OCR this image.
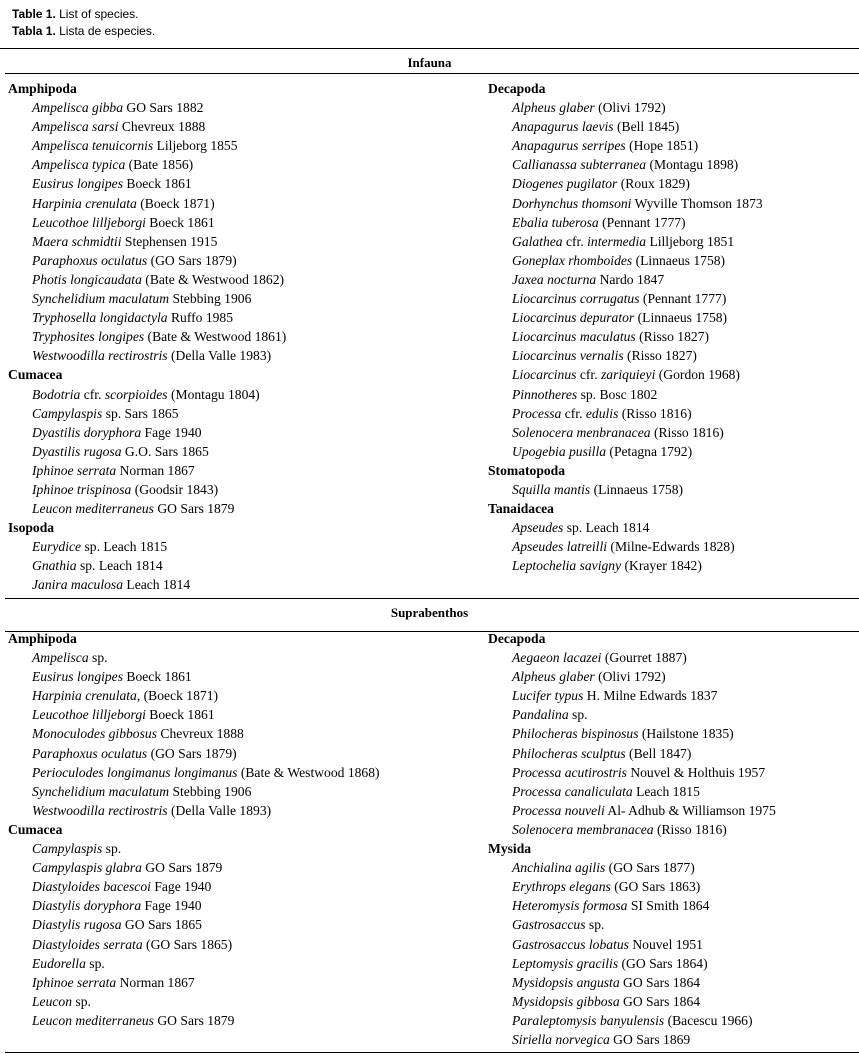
Table 1. List of species.
Tabla 1. Lista de especies.
Infauna
Amphipoda
Ampelisca gibba GO Sars 1882
Ampelisca sarsi Chevreux 1888
Ampelisca tenuicornis Liljeborg 1855
Ampelisca typica (Bate 1856)
Eusirus longipes Boeck 1861
Harpinia crenulata (Boeck 1871)
Leucothoe lilljeborgi Boeck 1861
Maera schmidtii Stephensen 1915
Paraphoxus oculatus (GO Sars 1879)
Photis longicaudata (Bate & Westwood 1862)
Synchelidium maculatum Stebbing 1906
Tryphosella longidactyla Ruffo 1985
Tryphosites longipes (Bate & Westwood 1861)
Westwoodilla rectirostris (Della Valle 1983)
Cumacea
Bodotria cfr. scorpioides (Montagu 1804)
Campylaspis sp. Sars 1865
Dyastilis doryphora Fage 1940
Dyastilis rugosa G.O. Sars 1865
Iphinoe serrata Norman 1867
Iphinoe trispinosa (Goodsir 1843)
Leucon mediterraneus GO Sars 1879
Isopoda
Eurydice sp. Leach 1815
Gnathia sp. Leach 1814
Janira maculosa Leach 1814
Decapoda
Alpheus glaber (Olivi 1792)
Anapagurus laevis (Bell 1845)
Anapagurus serripes (Hope 1851)
Callianassa subterranea (Montagu 1898)
Diogenes pugilator (Roux 1829)
Dorhynchus thomsoni Wyville Thomson 1873
Ebalia tuberosa (Pennant 1777)
Galathea cfr. intermedia Lilljeborg 1851
Goneplax rhomboides (Linnaeus 1758)
Jaxea nocturna Nardo 1847
Liocarcinus corrugatus (Pennant 1777)
Liocarcinus depurator (Linnaeus 1758)
Liocarcinus maculatus (Risso 1827)
Liocarcinus vernalis (Risso 1827)
Liocarcinus cfr. zariquieyi (Gordon 1968)
Pinnotheres sp. Bosc 1802
Processa cfr. edulis (Risso 1816)
Solenocera menbranacea (Risso 1816)
Upogebia pusilla (Petagna 1792)
Stomatopoda
Squilla mantis (Linnaeus 1758)
Tanaidacea
Apseudes sp. Leach 1814
Apseudes latreilli (Milne-Edwards 1828)
Leptochelia savigny (Krayer 1842)
Suprabenthos
Amphipoda
Ampelisca sp.
Eusirus longipes Boeck 1861
Harpinia crenulata, (Boeck 1871)
Leucothoe lilljeborgi Boeck 1861
Monoculodes gibbosus Chevreux 1888
Paraphoxus oculatus (GO Sars 1879)
Perioculodes longimanus longimanus (Bate & Westwood 1868)
Synchelidium maculatum Stebbing 1906
Westwoodilla rectirostris (Della Valle 1893)
Cumacea
Campylaspis sp.
Campylaspis glabra GO Sars 1879
Diastyloides bacescoi Fage 1940
Diastylis doryphora Fage 1940
Diastylis rugosa GO Sars 1865
Diastyloides serrata (GO Sars 1865)
Eudorella sp.
Iphinoe serrata Norman 1867
Leucon sp.
Leucon mediterraneus GO Sars 1879
Decapoda
Aegaeon lacazei (Gourret 1887)
Alpheus glaber (Olivi 1792)
Lucifer typus H. Milne Edwards 1837
Pandalina sp.
Philocheras bispinosus (Hailstone 1835)
Philocheras sculptus (Bell 1847)
Processa acutirostris Nouvel & Holthuis 1957
Processa canaliculata Leach 1815
Processa nouveli Al- Adhub & Williamson 1975
Solenocera membranacea (Risso 1816)
Mysida
Anchialina agilis (GO Sars 1877)
Erythrops elegans (GO Sars 1863)
Heteromysis formosa SI Smith 1864
Gastrosaccus sp.
Gastrosaccus lobatus Nouvel 1951
Leptomysis gracilis (GO Sars 1864)
Mysidopsis angusta GO Sars 1864
Mysidopsis gibbosa GO Sars 1864
Paraleptomysis banyulensis (Bacescu 1966)
Siriella norvegica GO Sars 1869
